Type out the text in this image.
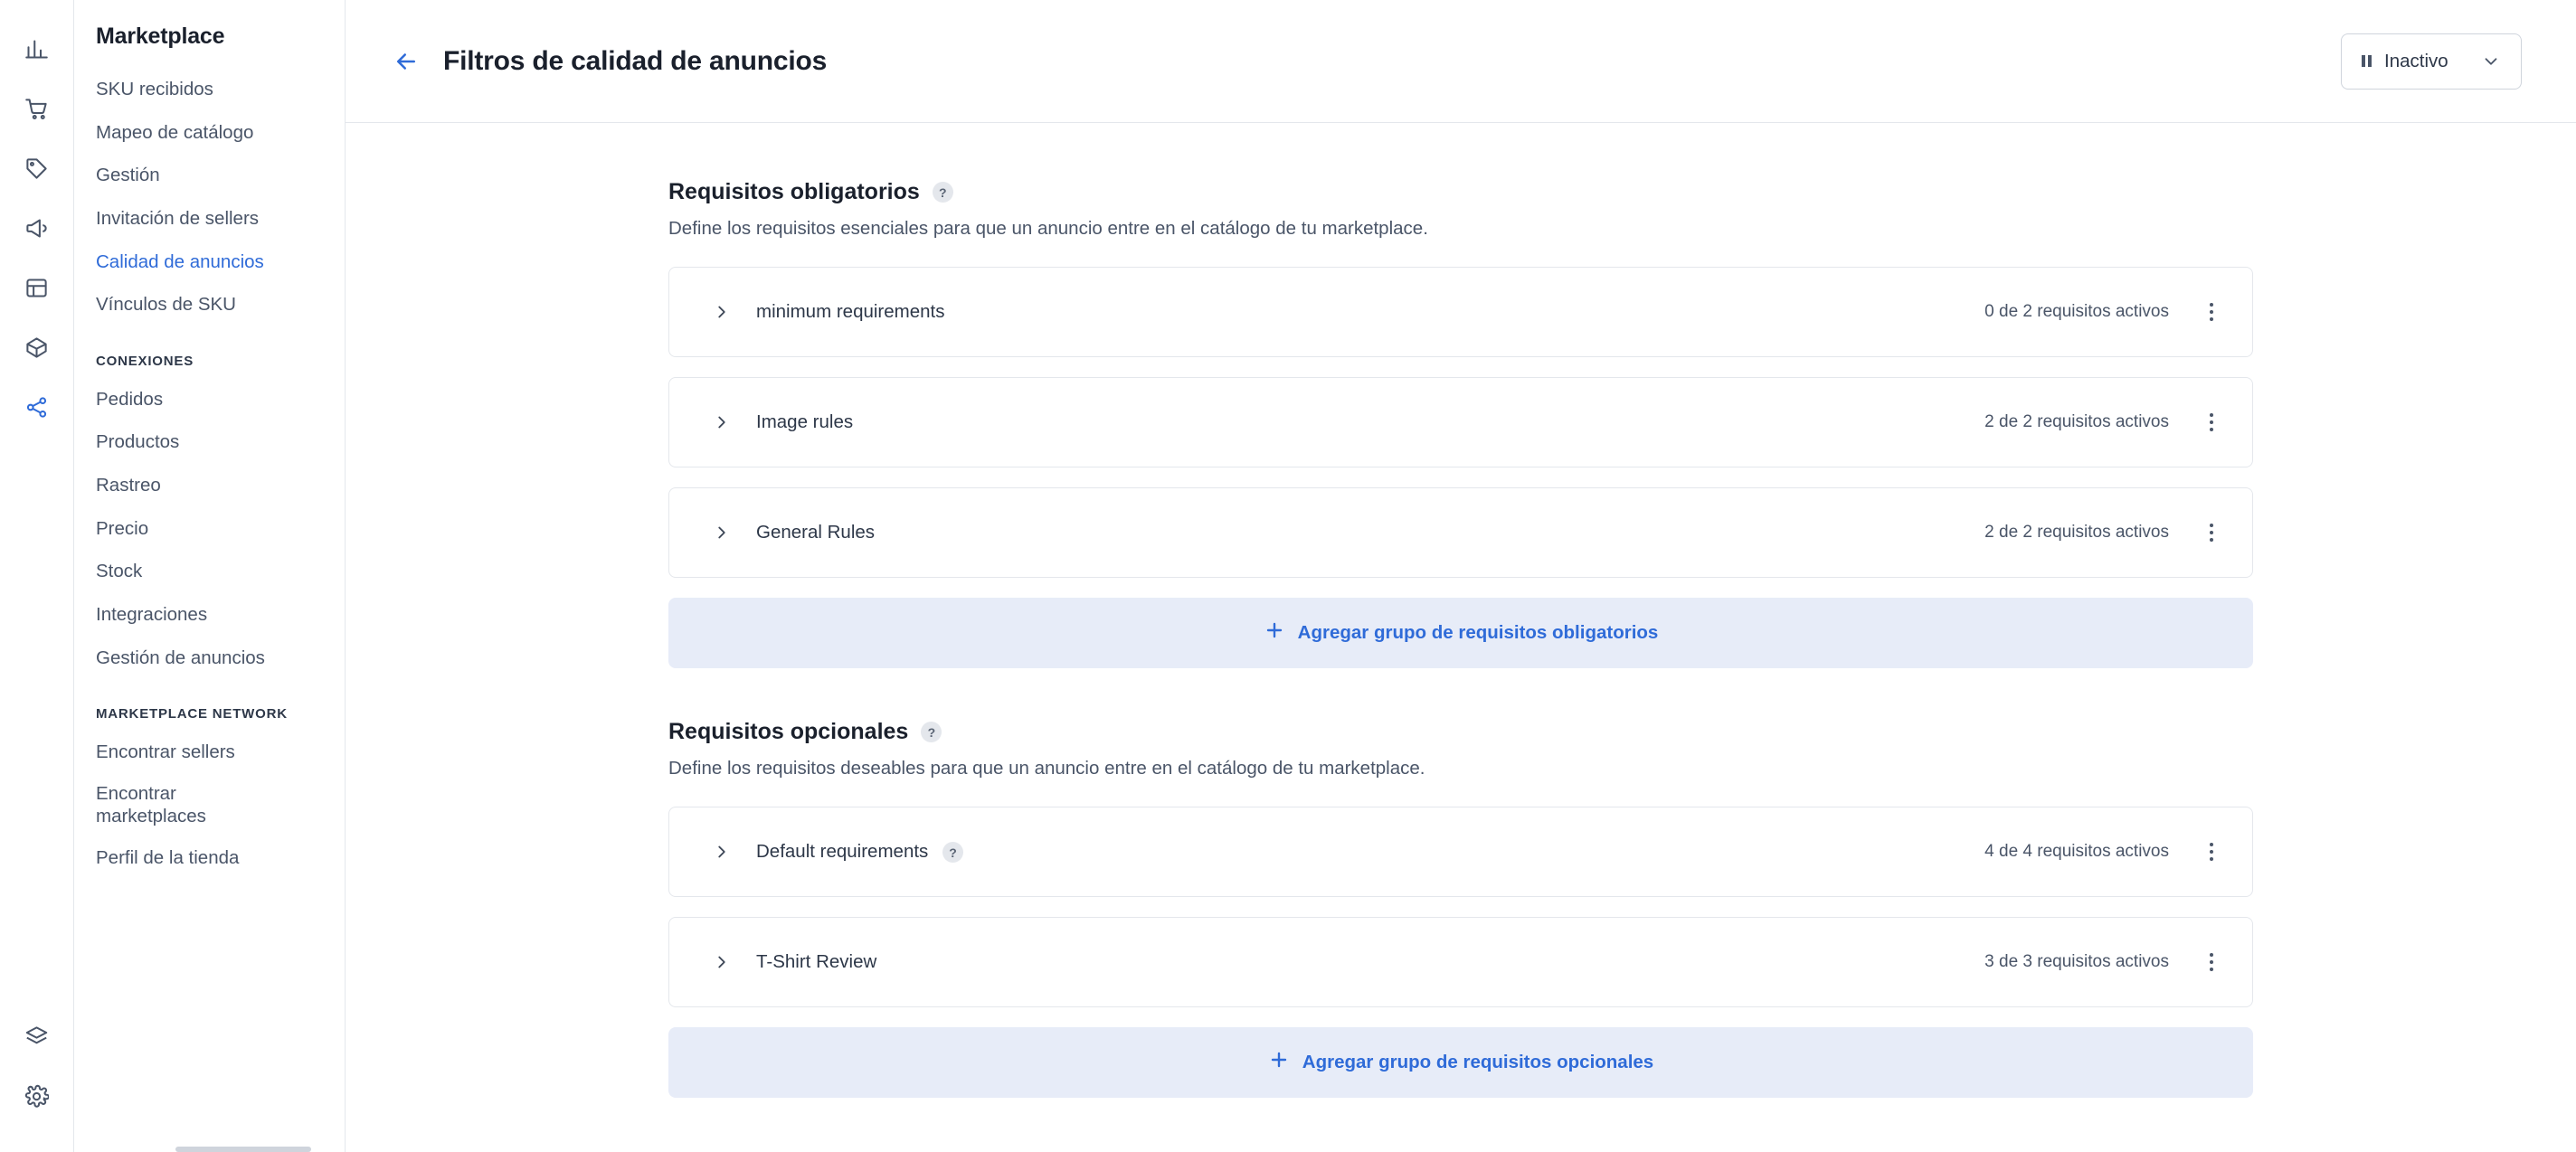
Marketplace
SKU recibidos
Mapeo de catálogo
Gestión
Invitación de sellers
Calidad de anuncios
Vínculos de SKU
CONEXIONES
Pedidos
Productos
Rastreo
Precio
Stock
Integraciones
Gestión de anuncios
MARKETPLACE NETWORK
Encontrar sellers
Encontrar marketplaces
Perfil de la tienda
Filtros de calidad de anuncios	Inactivo
Requisitos obligatorios	?
Define los requisitos esenciales para que un anuncio entre en el catálogo de tu marketplace.
minimum requirements	0 de 2 requisitos activos
Image rules	2 de 2 requisitos activos
General Rules	2 de 2 requisitos activos
Agregar grupo de requisitos obligatorios
Requisitos opcionales	?
Define los requisitos deseables para que un anuncio entre en el catálogo de tu marketplace.
Default requirements ?	4 de 4 requisitos activos
T-Shirt Review	3 de 3 requisitos activos
Agregar grupo de requisitos opcionales
